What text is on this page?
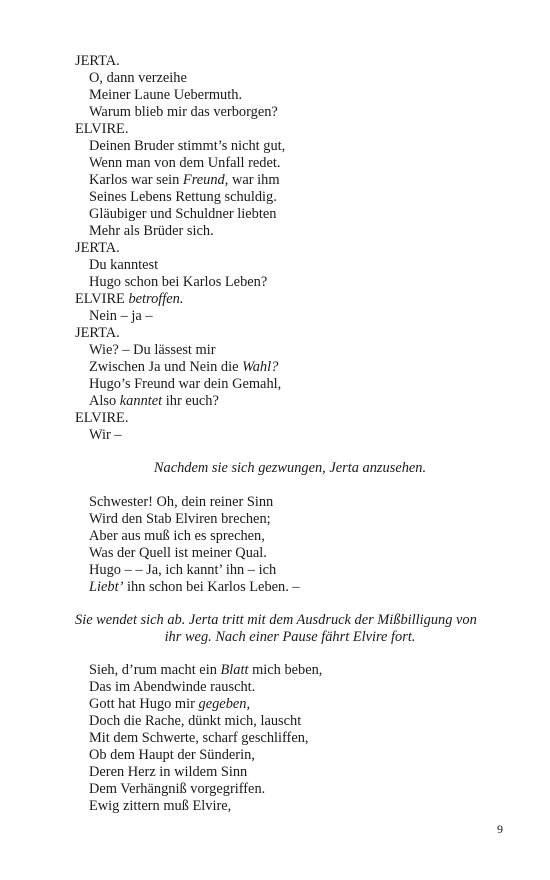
JERTA.
O, dann verzeihe
Meiner Laune Uebermuth.
Warum blieb mir das verborgen?
ELVIRE.
Deinen Bruder stimmt’s nicht gut,
Wenn man von dem Unfall redet.
Karlos war sein Freund, war ihm
Seines Lebens Rettung schuldig.
Gläubiger und Schuldner liebten
Mehr als Brüder sich.
JERTA.
Du kanntest
Hugo schon bei Karlos Leben?
ELVIRE betroffen.
Nein – ja –
JERTA.
Wie? – Du lässest mir
Zwischen Ja und Nein die Wahl?
Hugo’s Freund war dein Gemahl,
Also kanntet ihr euch?
ELVIRE.
Wir –
Nachdem sie sich gezwungen, Jerta anzusehen.
Schwester! Oh, dein reiner Sinn
Wird den Stab Elviren brechen;
Aber aus muß ich es sprechen,
Was der Quell ist meiner Qual.
Hugo – – Ja, ich kannt’ ihn – ich
Liebt’ ihn schon bei Karlos Leben. –
Sie wendet sich ab. Jerta tritt mit dem Ausdruck der Mißbilligung von
ihr weg. Nach einer Pause fährt Elvire fort.
Sieh, d’rum macht ein Blatt mich beben,
Das im Abendwinde rauscht.
Gott hat Hugo mir gegeben,
Doch die Rache, dünkt mich, lauscht
Mit dem Schwerte, scharf geschliffen,
Ob dem Haupt der Sünderin,
Deren Herz in wildem Sinn
Dem Verhängniß vorgegriffen.
Ewig zittern muß Elvire,
9
